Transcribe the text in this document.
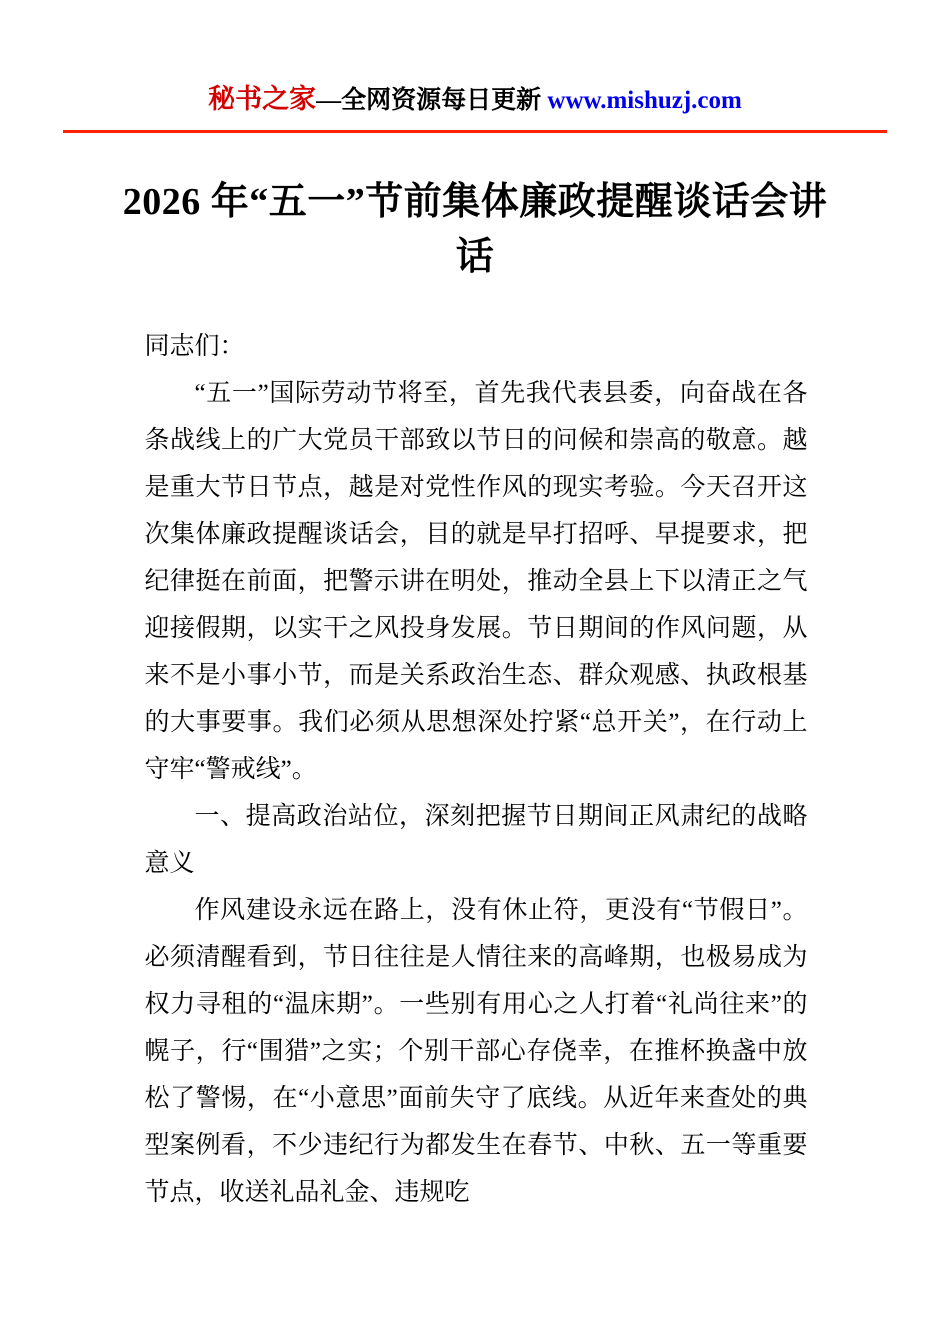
秘书之家—全网资源每日更新 www.mishuzj.com
2026 年“五一”节前集体廉政提醒谈话会讲话

同志们：

“五一”国际劳动节将至，首先我代表县委，向奋战在各条战线上的广大党员干部致以节日的问候和崇高的敬意。越是重大节日节点，越是对党性作风的现实考验。今天召开这次集体廉政提醒谈话会，目的就是早打招呼、早提要求，把纪律挺在前面，把警示讲在明处，推动全县上下以清正之气迎接假期，以实干之风投身发展。节日期间的作风问题，从来不是小事小节，而是关系政治生态、群众观感、执政根基的大事要事。我们必须从思想深处拧紧“总开关”，在行动上守牢“警戒线”。

一、提高政治站位，深刻把握节日期间正风肃纪的战略意义

作风建设永远在路上，没有休止符，更没有“节假日”。必须清醒看到，节日往往是人情往来的高峰期，也极易成为权力寻租的“温床期”。一些别有用心之人打着“礼尚往来”的幌子，行“围猎”之实；个别干部心存侥幸，在推杯换盏中放松了警惕，在“小意思”面前失守了底线。从近年来查处的典型案例看，不少违纪行为都发生在春节、中秋、五一等重要节点，收送礼品礼金、违规吃
